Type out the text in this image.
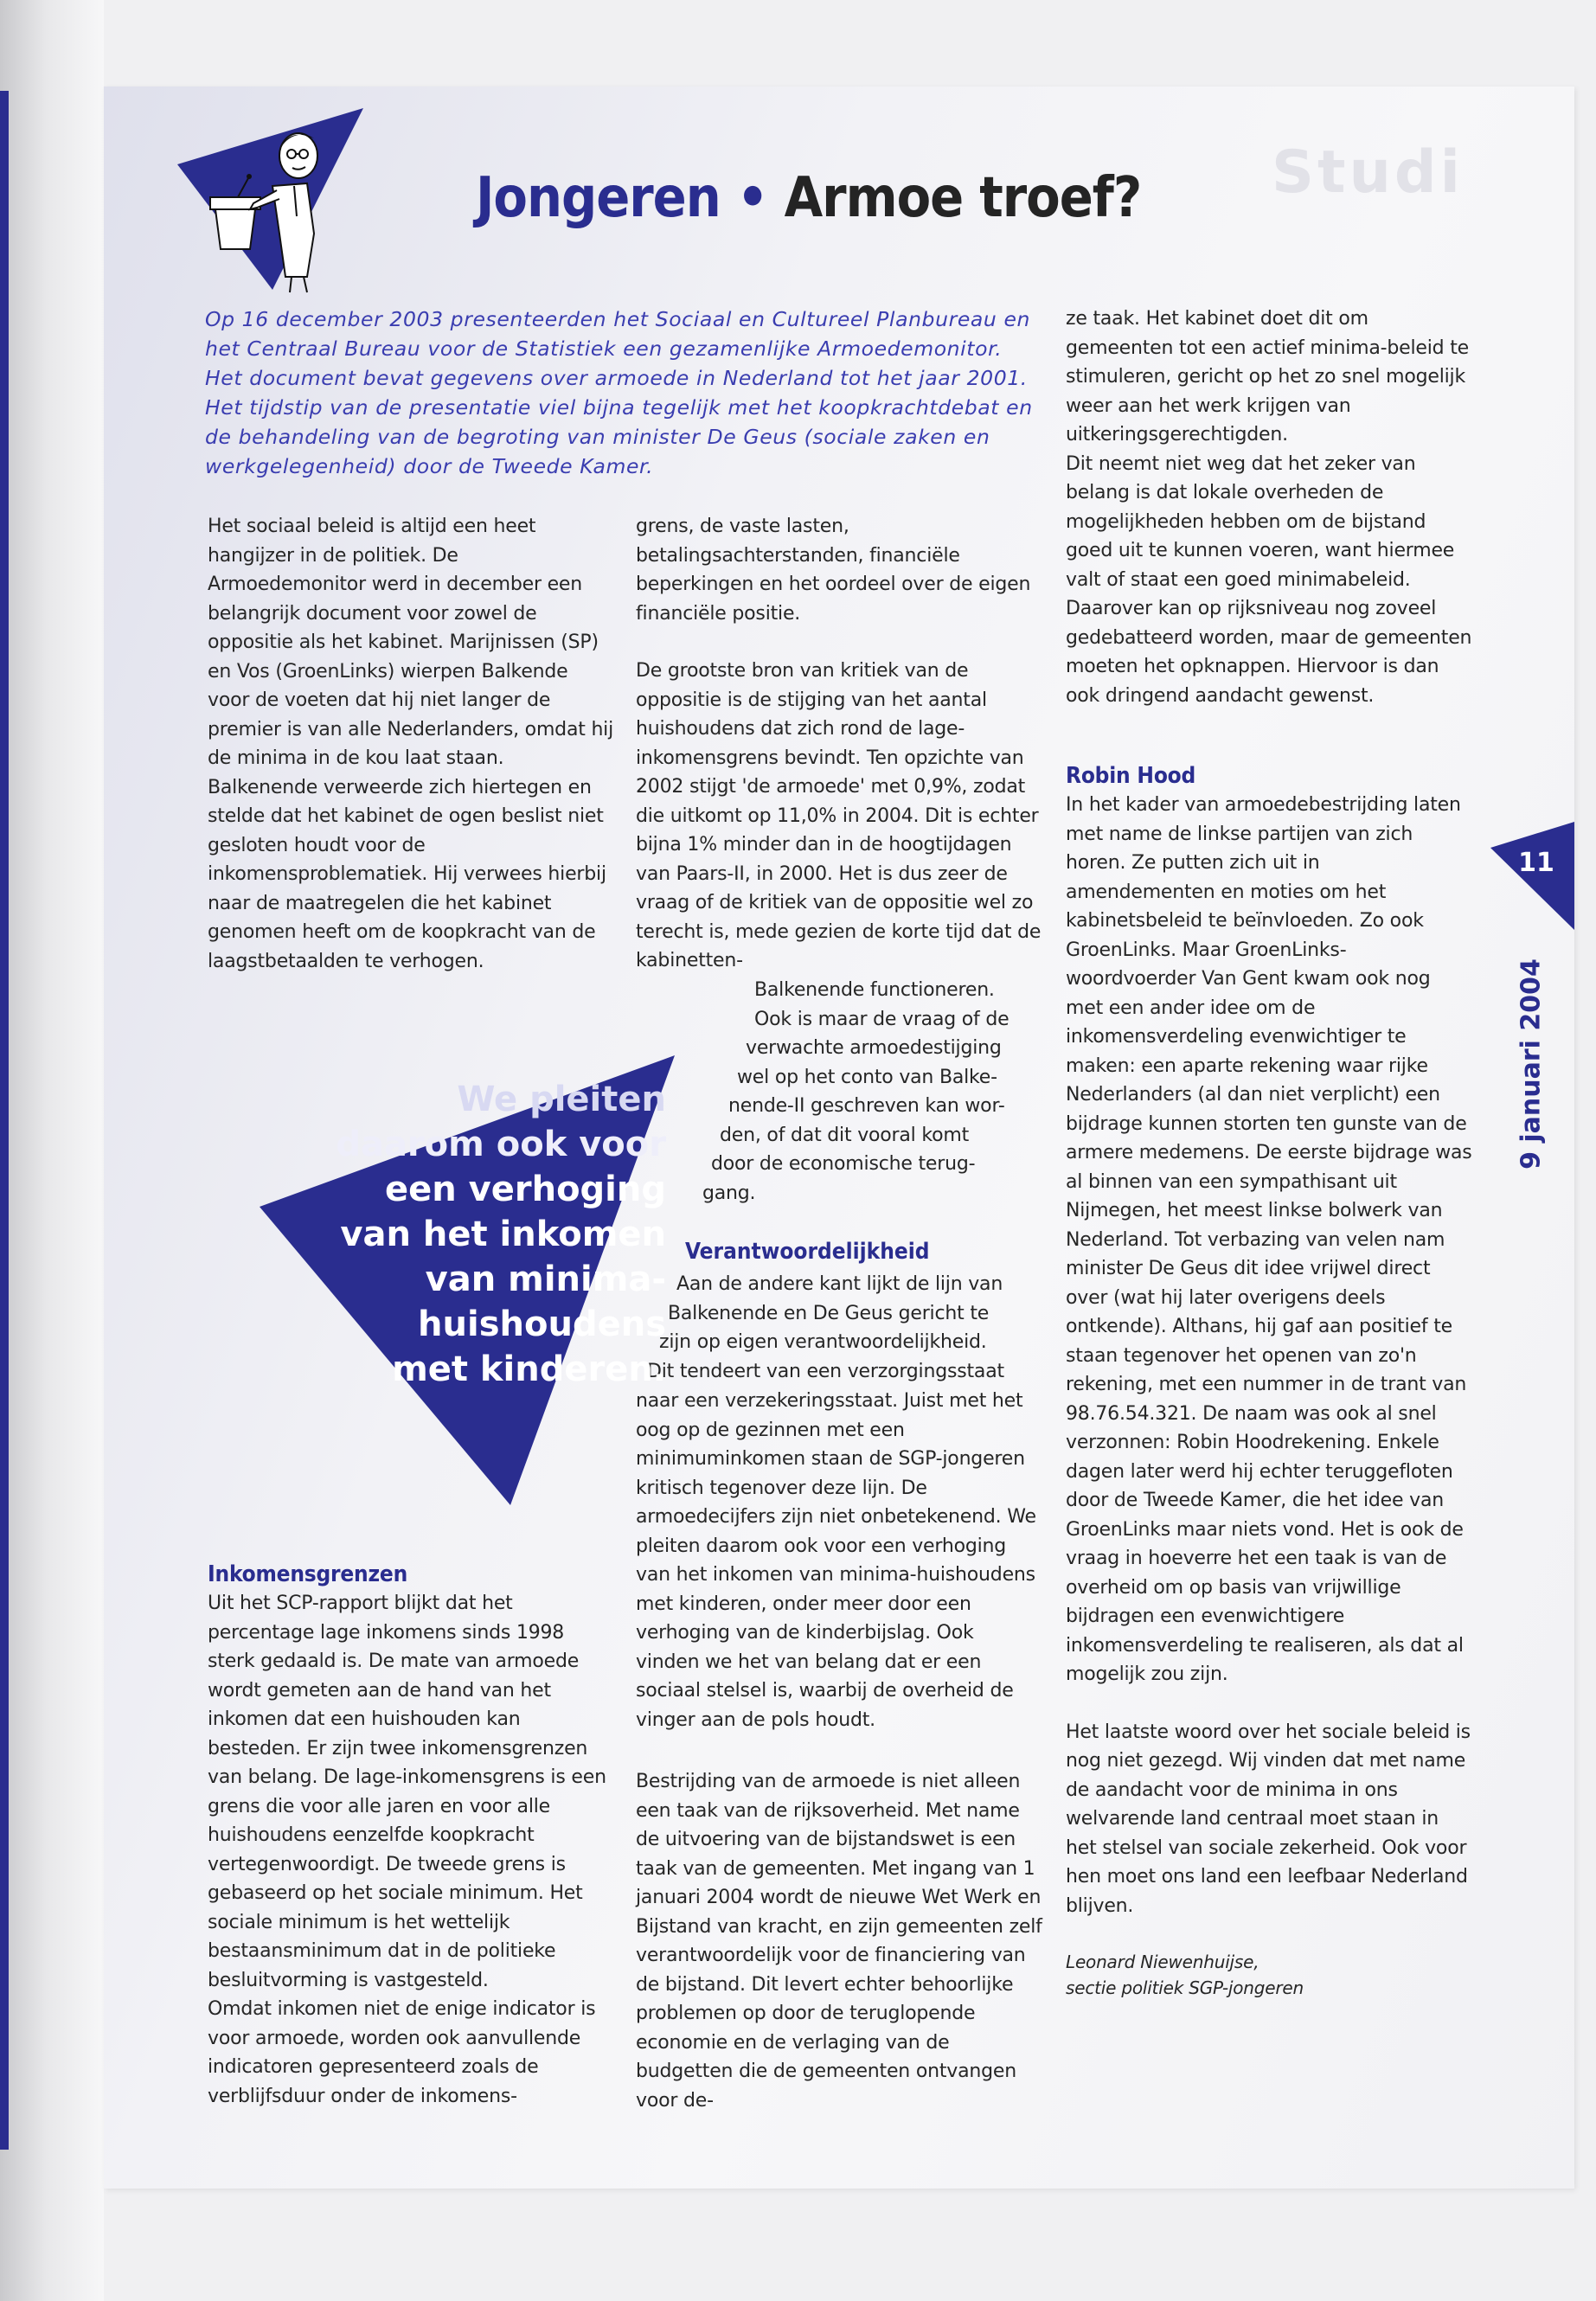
Studi
Jongeren • Armoe troef?

Op 16 december 2003 presenteerden het Sociaal en Cultureel Planbureau en het Centraal Bureau voor de Statistiek een gezamenlijke Armoedemonitor. Het document bevat gegevens over armoede in Nederland tot het jaar 2001. Het tijdstip van de presentatie viel bijna tegelijk met het koopkrachtdebat en de behandeling van de begroting van minister De Geus (sociale zaken en werkgelegenheid) door de Tweede Kamer.

Het sociaal beleid is altijd een heet hangijzer in de politiek. De Armoedemonitor werd in december een belangrijk document voor zowel de oppositie als het kabinet. Marijnissen (SP) en Vos (GroenLinks) wierpen Balkende voor de voeten dat hij niet langer de premier is van alle Nederlanders, omdat hij de minima in de kou laat staan. Balkenende verweerde zich hiertegen en stelde dat het kabinet de ogen beslist niet gesloten houdt voor de inkomensproblematiek. Hij verwees hierbij naar de maatregelen die het kabinet genomen heeft om de koopkracht van de laagstbetaalden te verhogen.

Inkomensgrenzen

Uit het SCP-rapport blijkt dat het percentage lage inkomens sinds 1998 sterk gedaald is. De mate van armoede wordt gemeten aan de hand van het inkomen dat een huishouden kan besteden. Er zijn twee inkomensgrenzen van belang. De lage-inkomensgrens is een grens die voor alle jaren en voor alle huishoudens eenzelfde koopkracht vertegenwoordigt. De tweede grens is gebaseerd op het sociale minimum. Het sociale minimum is het wettelijk bestaansminimum dat in de politieke besluitvorming is vastgesteld.

Omdat inkomen niet de enige indicator is voor armoede, worden ook aanvullende indicatoren gepresenteerd zoals de verblijfsduur onder de inkomens-

grens, de vaste lasten, betalingsachterstanden, financiële beperkingen en het oordeel over de eigen financiële positie.

De grootste bron van kritiek van de oppositie is de stijging van het aantal huishoudens dat zich rond de lage-inkomensgrens bevindt. Ten opzichte van 2002 stijgt 'de armoede' met 0,9%, zodat die uitkomt op 11,0% in 2004. Dit is echter bijna 1% minder dan in de hoogtijdagen van Paars-II, in 2000. Het is dus zeer de vraag of de kritiek van de oppositie wel zo terecht is, mede gezien de korte tijd dat de kabinetten-

Balkenende functioneren.
Ook is maar de vraag of de
verwachte armoedestijging
wel op het conto van Balke-
nende-II geschreven kan wor-
den, of dat dit vooral komt
door de economische terug-
gang.
Verantwoordelijkheid
Aan de andere kant lijkt de lijn van
Balkenende en De Geus gericht te
zijn op eigen verantwoordelijkheid.
Dit tendeert van een verzorgingsstaat

naar een verzekeringsstaat. Juist met het oog op de gezinnen met een minimuminkomen staan de SGP-jongeren kritisch tegenover deze lijn. De armoedecijfers zijn niet onbetekenend. We pleiten daarom ook voor een verhoging van het inkomen van minima-huishoudens met kinderen, onder meer door een verhoging van de kinderbijslag. Ook vinden we het van belang dat er een sociaal stelsel is, waarbij de overheid de vinger aan de pols houdt.

Bestrijding van de armoede is niet alleen een taak van de rijksoverheid. Met name de uitvoering van de bijstandswet is een taak van de gemeenten. Met ingang van 1 januari 2004 wordt de nieuwe Wet Werk en Bijstand van kracht, en zijn gemeenten zelf verantwoordelijk voor de financiering van de bijstand. Dit levert echter behoorlijke problemen op door de teruglopende economie en de verlaging van de budgetten die de gemeenten ontvangen voor de-

ze taak. Het kabinet doet dit om gemeenten tot een actief minima-beleid te stimuleren, gericht op het zo snel mogelijk weer aan het werk krijgen van uitkeringsgerechtigden.

Dit neemt niet weg dat het zeker van belang is dat lokale overheden de mogelijkheden hebben om de bijstand goed uit te kunnen voeren, want hiermee valt of staat een goed minimabeleid. Daarover kan op rijksniveau nog zoveel gedebatteerd worden, maar de gemeenten moeten het opknappen. Hiervoor is dan ook dringend aandacht gewenst.

Robin Hood

In het kader van armoedebestrijding laten met name de linkse partijen van zich horen. Ze putten zich uit in amendementen en moties om het kabinetsbeleid te beïnvloeden. Zo ook GroenLinks. Maar GroenLinks-woordvoerder Van Gent kwam ook nog met een ander idee om de inkomensverdeling evenwichtiger te maken: een aparte rekening waar rijke Nederlanders (al dan niet verplicht) een bijdrage kunnen storten ten gunste van de armere medemens. De eerste bijdrage was al binnen van een sympathisant uit Nijmegen, het meest linkse bolwerk van Nederland. Tot verbazing van velen nam minister De Geus dit idee vrijwel direct over (wat hij later overigens deels ontkende). Althans, hij gaf aan positief te staan tegenover het openen van zo'n rekening, met een nummer in de trant van 98.76.54.321. De naam was ook al snel verzonnen: Robin Hoodrekening. Enkele dagen later werd hij echter teruggefloten door de Tweede Kamer, die het idee van GroenLinks maar niets vond. Het is ook de vraag in hoeverre het een taak is van de overheid om op basis van vrijwillige bijdragen een evenwichtigere inkomensverdeling te realiseren, als dat al mogelijk zou zijn.

Het laatste woord over het sociale beleid is nog niet gezegd. Wij vinden dat met name de aandacht voor de minima in ons welvarende land centraal moet staan in het stelsel van sociale zekerheid. Ook voor hen moet ons land een leefbaar Nederland blijven.

Leonard Niewenhuijse,

sectie politiek SGP-jongeren

We pleiten
daarom ook voor
een verhoging
van het inkomen
van minima-
huishoudens
met kinderen.
11
9 januari 2004
